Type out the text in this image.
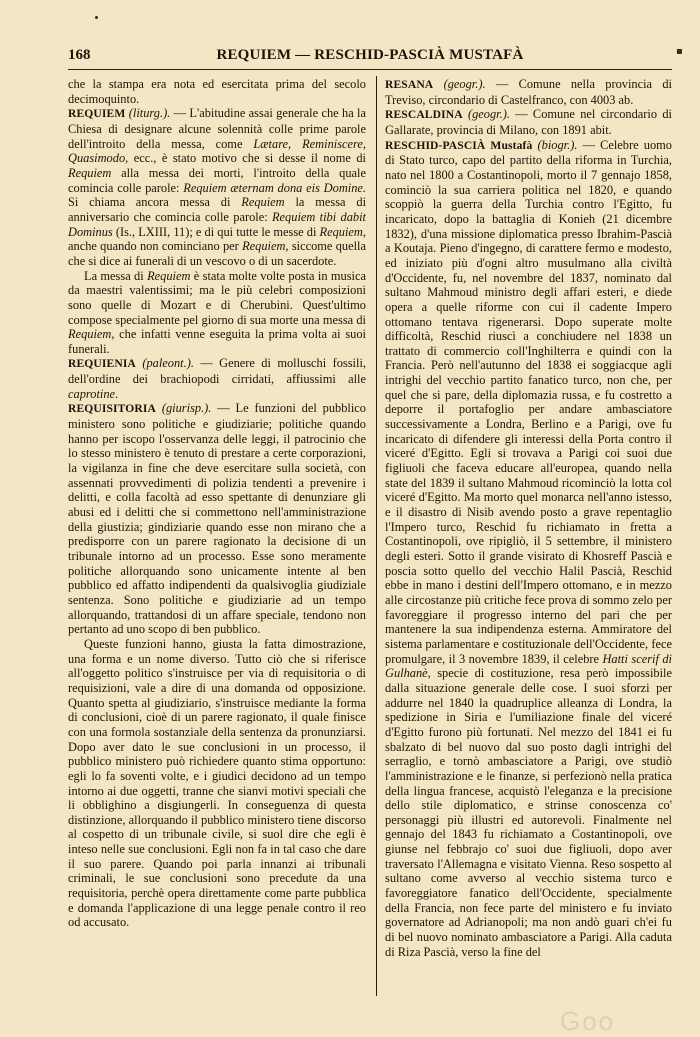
▪
168	REQUIEM — RESCHID-PASCIÀ MUSTAFÀ

che la stampa era nota ed esercitata prima del secolo decimoquinto.

REQUIEM (liturg.). — L'abitudine assai generale che ha la Chiesa di designare alcune solennità colle prime parole dell'introito della messa, come Lætare, Reminiscere, Quasimodo, ecc., è stato motivo che si desse il nome di Requiem alla messa dei morti, l'introito della quale comincia colle parole: Requiem æternam dona eis Domine. Si chiama ancora messa di Requiem la messa di anniversario che comincia colle parole: Requiem tibi dabit Dominus (Is., LXIII, 11); e di qui tutte le messe di Requiem, anche quando non cominciano per Requiem, siccome quella che si dice ai funerali di un vescovo o di un sacerdote.

La messa di Requiem è stata molte volte posta in musica da maestri valentissimi; ma le più celebri composizioni sono quelle di Mozart e di Cherubini. Quest'ultimo compose specialmente pel giorno di sua morte una messa di Requiem, che infatti venne eseguita la prima volta ai suoi funerali.

REQUIENIA (paleont.). — Genere di molluschi fossili, dell'ordine dei brachiopodi cirridati, affiussimi alle caprotine.

REQUISITORIA (giurisp.). — Le funzioni del pubblico ministero sono politiche e giudiziarie; politiche quando hanno per iscopo l'osservanza delle leggi, il patrocinio che lo stesso ministero è tenuto di prestare a certe corporazioni, la vigilanza in fine che deve esercitare sulla società, con assennati provvedimenti di polizia tendenti a prevenire i delitti, e colla facoltà ad esso spettante di denunziare gli abusi ed i delitti che si commettono nell'amministrazione della giustizia; gindiziarie quando esse non mirano che a predisporre con un parere ragionato la decisione di un tribunale intorno ad un processo. Esse sono meramente politiche allorquando sono unicamente intente al ben pubblico ed affatto indipendenti da qualsivoglia giudiziale sentenza. Sono politiche e giudiziarie ad un tempo allorquando, trattandosi di un affare speciale, tendono non pertanto ad uno scopo di ben pubblico.

Queste funzioni hanno, giusta la fatta dimostrazione, una forma e un nome diverso. Tutto ciò che si riferisce all'oggetto politico s'instruisce per via di requisitoria o di requisizioni, vale a dire di una domanda od opposizione. Quanto spetta al giudiziario, s'instruisce mediante la forma di conclusioni, cioè di un parere ragionato, il quale finisce con una formola sostanziale della sentenza da pronunziarsi. Dopo aver dato le sue conclusioni in un processo, il pubblico ministero può richiedere quanto stima opportuno: egli lo fa soventi volte, e i giudici decidono ad un tempo intorno ai due oggetti, tranne che sianvi motivi speciali che li obblighino a disgiungerli. In conseguenza di questa distinzione, allorquando il pubblico ministero tiene discorso al cospetto di un tribunale civile, si suol dire che egli è inteso nelle sue conclusioni. Egli non fa in tal caso che dare il suo parere. Quando poi parla innanzi ai tribunali criminali, le sue conclusioni sono precedute da una requisitoria, perchè opera direttamente come parte pubblica e domanda l'applicazione di una legge penale contro il reo od accusato.

RESANA (geogr.). — Comune nella provincia di Treviso, circondario di Castelfranco, con 4003 ab.

RESCALDINA (geogr.). — Comune nel circondario di Gallarate, provincia di Milano, con 1891 abit.

RESCHID-PASCIÀ Mustafà (biogr.). — Celebre uomo di Stato turco, capo del partito della riforma in Turchia, nato nel 1800 a Costantinopoli, morto il 7 gennajo 1858, cominciò la sua carriera politica nel 1820, e quando scoppiò la guerra della Turchia contro l'Egitto, fu incaricato, dopo la battaglia di Konieh (21 dicembre 1832), d'una missione diplomatica presso Ibrahim-Pascià a Koutaja. Pieno d'ingegno, di carattere fermo e modesto, ed iniziato più d'ogni altro musulmano alla civiltà d'Occidente, fu, nel novembre del 1837, nominato dal sultano Mahmoud ministro degli affari esteri, e diede opera a quelle riforme con cui il cadente Impero ottomano tentava rigenerarsi. Dopo superate molte difficoltà, Reschid riuscì a conchiudere nel 1838 un trattato di commercio coll'Inghilterra e quindi con la Francia. Però nell'autunno del 1838 ei soggiacque agli intrighi del vecchio partito fanatico turco, non che, per quel che si pare, della diplomazia russa, e fu costretto a deporre il portafoglio per andare ambasciatore successivamente a Londra, Berlino e a Parigi, ove fu incaricato di difendere gli interessi della Porta contro il viceré d'Egitto. Egli si trovava a Parigi coi suoi due figliuoli che faceva educare all'europea, quando nella state del 1839 il sultano Mahmoud ricominciò la lotta col viceré d'Egitto. Ma morto quel monarca nell'anno istesso, e il disastro di Nisib avendo posto a grave repentaglio l'Impero turco, Reschid fu richiamato in fretta a Costantinopoli, ove ripigliò, il 5 settembre, il ministero degli esteri. Sotto il grande visirato di Khosreff Pascià e poscia sotto quello del vecchio Halil Pascià, Reschid ebbe in mano i destini dell'Impero ottomano, e in mezzo alle circostanze più critiche fece prova di sommo zelo per favoreggiare il progresso interno del pari che per mantenere la sua indipendenza esterna. Ammiratore del sistema parlamentare e costituzionale dell'Occidente, fece promulgare, il 3 novembre 1839, il celebre Hatti scerif di Gulhanè, specie di costituzione, resa però impossibile dalla situazione generale delle cose. I suoi sforzi per addurre nel 1840 la quadruplice alleanza di Londra, la spedizione in Siria e l'umiliazione finale del viceré d'Egitto furono più fortunati. Nel mezzo del 1841 ei fu sbalzato di bel nuovo dal suo posto dagli intrighi del serraglio, e tornò ambasciatore a Parigi, ove studiò l'amministrazione e le finanze, si perfezionò nella pratica della lingua francese, acquistò l'eleganza e la precisione dello stile diplomatico, e strinse conoscenza co' personaggi più illustri ed autorevoli. Finalmente nel gennajo del 1843 fu richiamato a Costantinopoli, ove giunse nel febbrajo co' suoi due figliuoli, dopo aver traversato l'Allemagna e visitato Vienna. Reso sospetto al sultano come avverso al vecchio sistema turco e favoreggiatore fanatico dell'Occidente, specialmente della Francia, non fece parte del ministero e fu inviato governatore ad Adrianopoli; ma non andò guari ch'ei fu di bel nuovo nominato ambasciatore a Parigi. Alla caduta di Riza Pascià, verso la fine del

Goo
